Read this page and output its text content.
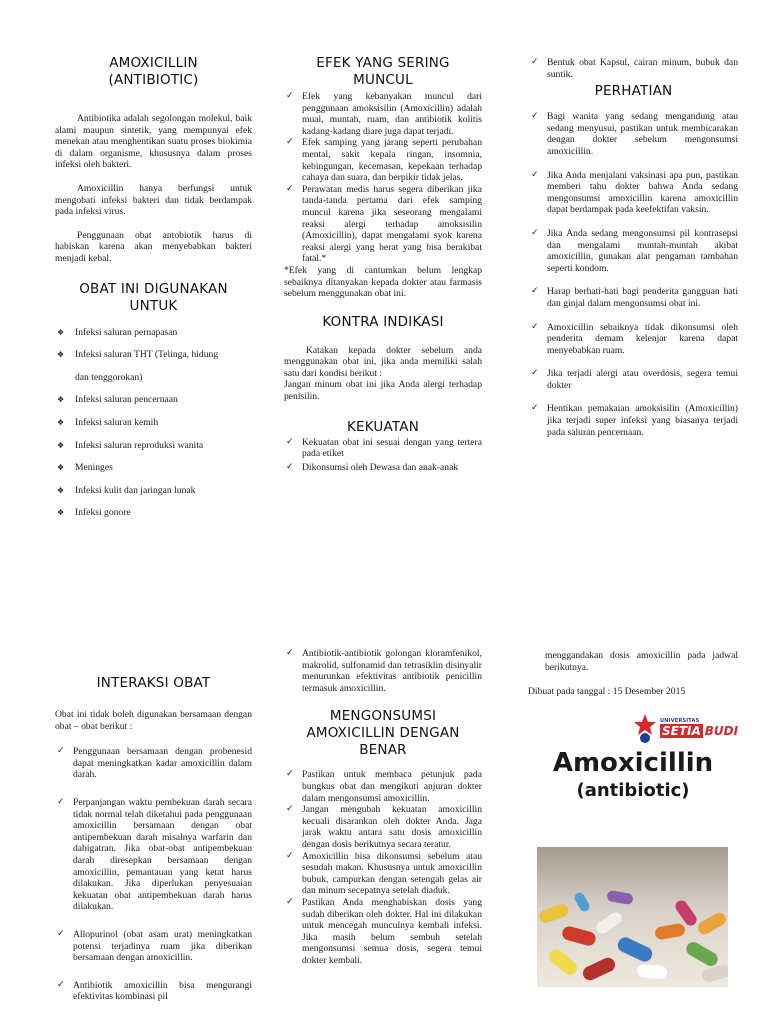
AMOXICILLIN
(ANTIBIOTIC)

Antibiotika adalah segolongan molekul, baik alami maupun sintetik, yang mempunyai efek menekan atau menghentikan suatu proses biokimia di dalam organisme, khususnya dalam proses infeksi oleh bakteri.

Amoxicillin hanya berfungsi untuk mengobati infeksi bakteri dan tidak berdampak pada infeksi virus.

Penggunaan obat antobiotik harus di habiskan karena akan menyebabkan bakteri menjadi kebal.

OBAT INI DIGUNAKAN UNTUK
❖ Infeksi saluran pernapasan
❖ Infeksi saluran THT (Telinga, hidung
dan tenggorokan)
❖ Infeksi saluran pencernaan
❖ Infeksi saluran kemih
❖ Infeksi saluran reproduksi wanita
❖ Meninges
❖ Infeksi kulit dan jaringan lunak
❖ Infeksi gonore
EFEK YANG SERING MUNCUL
✓ Efek yang kebanyakan muncul dari penggunaan amoksisilin (Amoxicillin) adalah mual, muntah, ruam, dan antibiotik kolitis kadang-kadang diare juga dapat terjadi.
✓ Efek samping yang jarang seperti perubahan mental, sakit kepala ringan, insomnia, kebingungan, kecemasan, kepekaan terhadap cahaya dan suara, dan berpikir tidak jelas.
✓ Perawatan medis harus segera diberikan jika tanda-tanda pertama dari efek samping muncul karena jika seseorang mengalami reaksi alergi terhadap amoksisilin (Amoxicillin), dapat mengalami syok karena reaksi alergi yang berat yang bisa berakibat fatal.*

*Efek yang di cantumkan belum lengkap sebaiknya ditanyakan kepada dokter atau farmasis sebelum menggunakan obat ini.

KONTRA INDIKASI

Katakan kepada dokter sebelum anda menggunakan obat ini, jika anda memiliki salah satu dari kondisi berikut :

Jangan minum obat ini jika Anda alergi terhadap penisilin.

KEKUATAN
✓ Kekuatan obat ini sesuai dengan yang tertera pada etiket
✓ Dikonsumsi oleh Dewasa dan anak-anak
✓ Bentuk obat Kapsul, cairan minum, bubuk dan suntik.
PERHATIAN
✓ Bagi wanita yang sedang mengandung atau sedang menyusui, pastikan untuk membicarakan dengan dokter sebelum mengonsumsi amoxicillin.
✓ Jika Anda menjalani vaksinasi apa pun, pastikan memberi tahu dokter bahwa Anda sedang mengonsumsi amoxicillin karena amoxicillin dapat berdampak pada keefektifan vaksin.
✓ Jika Anda sedang mengonsumsi pil kontrasepsi dan mengalami muntah-muntah akibat amoxicillin, gunakan alat pengaman tambahan seperti kondom.
✓ Harap berhati-hati bagi penderita gangguan hati dan ginjal dalam mengonsumsi obat ini.
✓ Amoxicillin sebaiknya tidak dikonsumsi oleh penderita demam kelenjar karena dapat menyebabkan ruam.
✓ Jika terjadi alergi atau overdosis, segera temui dokter
✓ Hentikan pemakaian amoksisilin (Amoxicillin) jika terjadi super infeksi yang biasanya terjadi pada saluran pencernaan.
INTERAKSI OBAT

Obat ini tidak boleh digunakan bersamaan dengan obat – obat berikut :

✓ Penggunaan bersamaan dengan probenesid dapat meningkatkan kadar amoxicillin dalam darah.
✓ Perpanjangan waktu pembekuan darah secara tidak normal telah diketahui pada penggunaan amoxicillin bersamaan dengan obat antipembekuan darah misalnya warfarin dan dabigatran. Jika obat-obat antipembekuan darah diresepkan bersamaan dengan amoxicillin, pemantauan yang ketat harus dilakukan. Jika diperlukan penyesuaian kekuatan obat antipembekuan darah harus dilakukan.
✓ Allopurinol (obat asam urat) meningkatkan potensi terjadinya ruam jika diberikan bersamaan dengan amoxicillin.
✓ Antibiotik amoxicillin bisa mengurangi efektivitas kombinasi pil
✓ Antibiotik-antibiotik golongan kloramfenikol, makrolid, sulfonamid dan tetrasiklin disinyalir menurunkan efektivitas antibiotik penicillin termasuk amoxicillin.
MENGONSUMSI AMOXICILLIN DENGAN BENAR
✓ Pastikan untuk membaca petunjuk pada bungkus obat dan mengikuti anjuran dokter dalam mengonsumsi amoxicillin.
✓ Jangan mengubah kekuatan amoxicillin kecuali disarankan oleh dokter Anda. Jaga jarak waktu antara satu dosis amoxicillin dengan dosis berikutnya secara teratur.
✓ Amoxicillin bisa dikonsumsi sebelum atau sesudah makan. Khususnya untuk amoxicillin bubuk, campurkan dengan setengah gelas air dan minum secepatnya setelah diaduk.
✓ Pastikan Anda menghabiskan dosis yang sudah diberikan oleh dokter. Hal ini dilakukan untuk mencegah munculnya kembali infeksi. Jika masih belum sembuh setelah mengonsumsi semua dosis, segera temui dokter kembali.

menggandakan dosis amoxicillin pada jadwal berikutnya.

Dibuat pada tanggal : 15 Desember 2015
UNIVERSITAS
SETIA BUDI

Amoxicillin

(antibiotic)
